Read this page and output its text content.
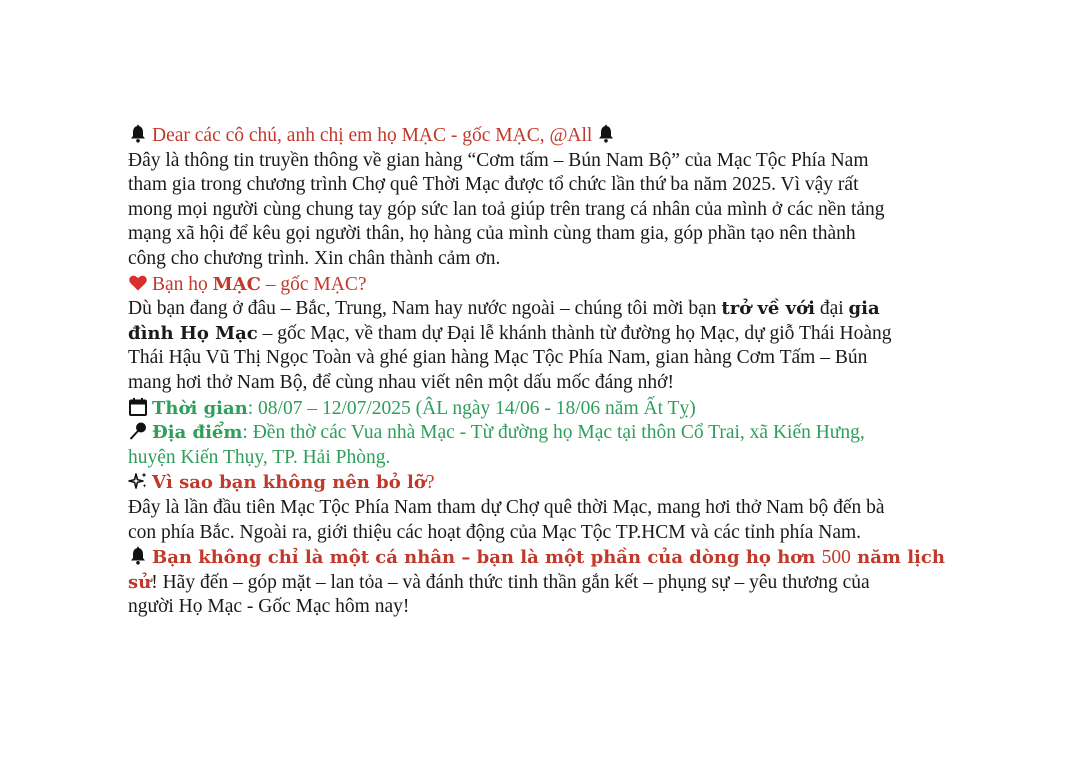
Dear các cô chú, anh chị em họ MẠC - gốc MẠC, @All
Đây là thông tin truyền thông về gian hàng “Cơm tấm – Bún Nam Bộ” của Mạc Tộc Phía Nam
tham gia trong chương trình Chợ quê Thời Mạc được tổ chức lần thứ ba năm 2025. Vì vậy rất
mong mọi người cùng chung tay góp sức lan toả giúp trên trang cá nhân của mình ở các nền tảng
mạng xã hội để kêu gọi người thân, họ hàng của mình cùng tham gia, góp phần tạo nên thành
công cho chương trình. Xin chân thành cảm ơn.
Bạn họ MẠC – gốc MẠC?
Dù bạn đang ở đâu – Bắc, Trung, Nam hay nước ngoài – chúng tôi mời bạn trở về với đại gia
đình Họ Mạc – gốc Mạc, về tham dự Đại lễ khánh thành từ đường họ Mạc, dự giỗ Thái Hoàng
Thái Hậu Vũ Thị Ngọc Toàn và ghé gian hàng Mạc Tộc Phía Nam, gian hàng Cơm Tấm – Bún
mang hơi thở Nam Bộ, để cùng nhau viết nên một dấu mốc đáng nhớ!
Thời gian: 08/07 – 12/07/2025 (ÂL ngày 14/06 - 18/06 năm Ất Tỵ)
Địa điểm: Đền thờ các Vua nhà Mạc - Từ đường họ Mạc tại thôn Cổ Trai, xã Kiến Hưng,
huyện Kiến Thụy, TP. Hải Phòng.
Vì sao bạn không nên bỏ lỡ?
Đây là lần đầu tiên Mạc Tộc Phía Nam tham dự Chợ quê thời Mạc, mang hơi thở Nam bộ đến bà
con phía Bắc. Ngoài ra, giới thiệu các hoạt động của Mạc Tộc TP.HCM và các tỉnh phía Nam.
Bạn không chỉ là một cá nhân – bạn là một phần của dòng họ hơn 500 năm lịch
sử! Hãy đến – góp mặt – lan tỏa – và đánh thức tinh thần gắn kết – phụng sự – yêu thương của
người Họ Mạc - Gốc Mạc hôm nay!
